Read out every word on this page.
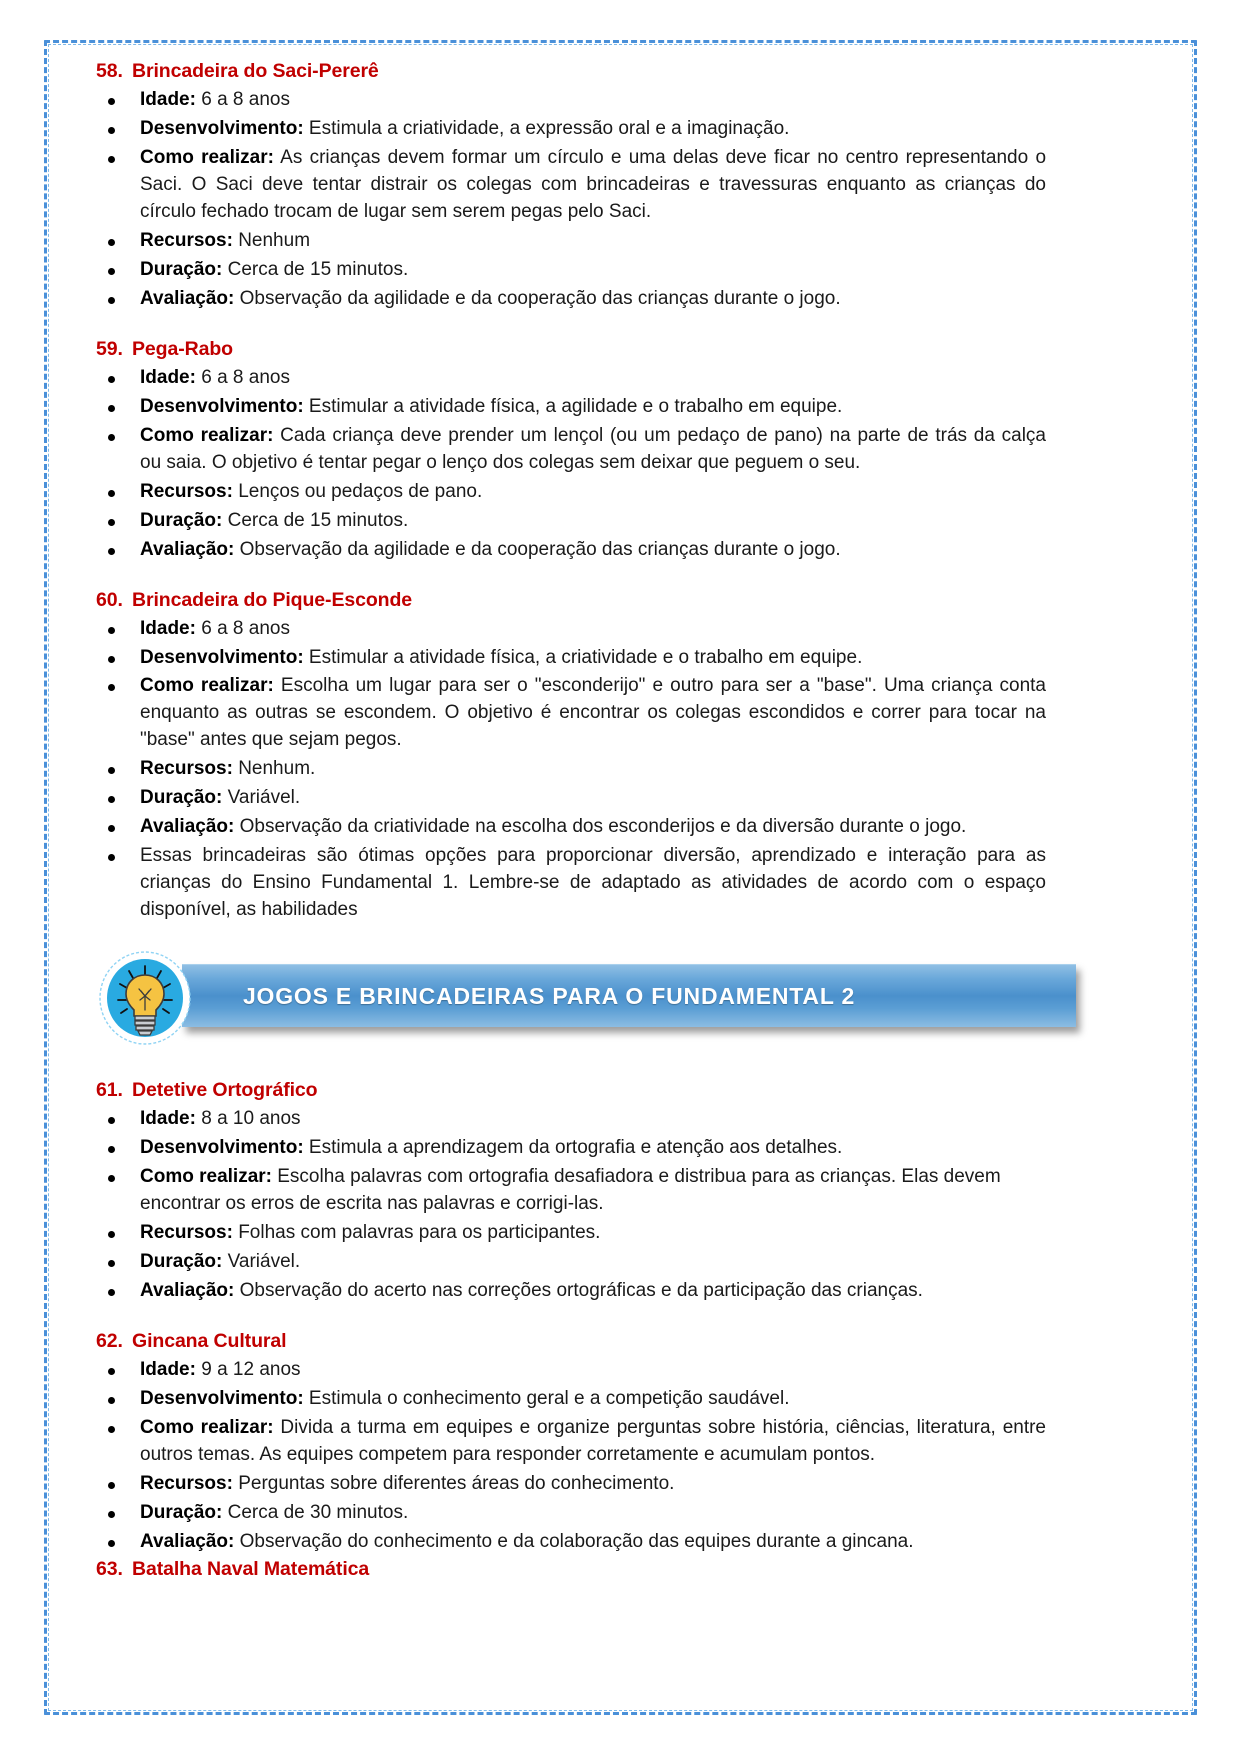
58. Brincadeira do Saci-Pererê
Idade: 6 a 8 anos
Desenvolvimento: Estimula a criatividade, a expressão oral e a imaginação.
Como realizar: As crianças devem formar um círculo e uma delas deve ficar no centro representando o Saci. O Saci deve tentar distrair os colegas com brincadeiras e travessuras enquanto as crianças do círculo fechado trocam de lugar sem serem pegas pelo Saci.
Recursos: Nenhum
Duração: Cerca de 15 minutos.
Avaliação: Observação da agilidade e da cooperação das crianças durante o jogo.
59. Pega-Rabo
Idade: 6 a 8 anos
Desenvolvimento: Estimular a atividade física, a agilidade e o trabalho em equipe.
Como realizar: Cada criança deve prender um lençol (ou um pedaço de pano) na parte de trás da calça ou saia. O objetivo é tentar pegar o lenço dos colegas sem deixar que peguem o seu.
Recursos: Lenços ou pedaços de pano.
Duração: Cerca de 15 minutos.
Avaliação: Observação da agilidade e da cooperação das crianças durante o jogo.
60. Brincadeira do Pique-Esconde
Idade: 6 a 8 anos
Desenvolvimento: Estimular a atividade física, a criatividade e o trabalho em equipe.
Como realizar: Escolha um lugar para ser o "esconderijo" e outro para ser a "base". Uma criança conta enquanto as outras se escondem. O objetivo é encontrar os colegas escondidos e correr para tocar na "base" antes que sejam pegos.
Recursos: Nenhum.
Duração: Variável.
Avaliação: Observação da criatividade na escolha dos esconderijos e da diversão durante o jogo.
Essas brincadeiras são ótimas opções para proporcionar diversão, aprendizado e interação para as crianças do Ensino Fundamental 1. Lembre-se de adaptado as atividades de acordo com o espaço disponível, as habilidades
JOGOS E BRINCADEIRAS PARA O FUNDAMENTAL 2
61. Detetive Ortográfico
Idade: 8 a 10 anos
Desenvolvimento: Estimula a aprendizagem da ortografia e atenção aos detalhes.
Como realizar: Escolha palavras com ortografia desafiadora e distribua para as crianças. Elas devem encontrar os erros de escrita nas palavras e corrigi-las.
Recursos: Folhas com palavras para os participantes.
Duração: Variável.
Avaliação: Observação do acerto nas correções ortográficas e da participação das crianças.
62. Gincana Cultural
Idade: 9 a 12 anos
Desenvolvimento: Estimula o conhecimento geral e a competição saudável.
Como realizar: Divida a turma em equipes e organize perguntas sobre história, ciências, literatura, entre outros temas. As equipes competem para responder corretamente e acumulam pontos.
Recursos: Perguntas sobre diferentes áreas do conhecimento.
Duração: Cerca de 30 minutos.
Avaliação: Observação do conhecimento e da colaboração das equipes durante a gincana.
63. Batalha Naval Matemática
